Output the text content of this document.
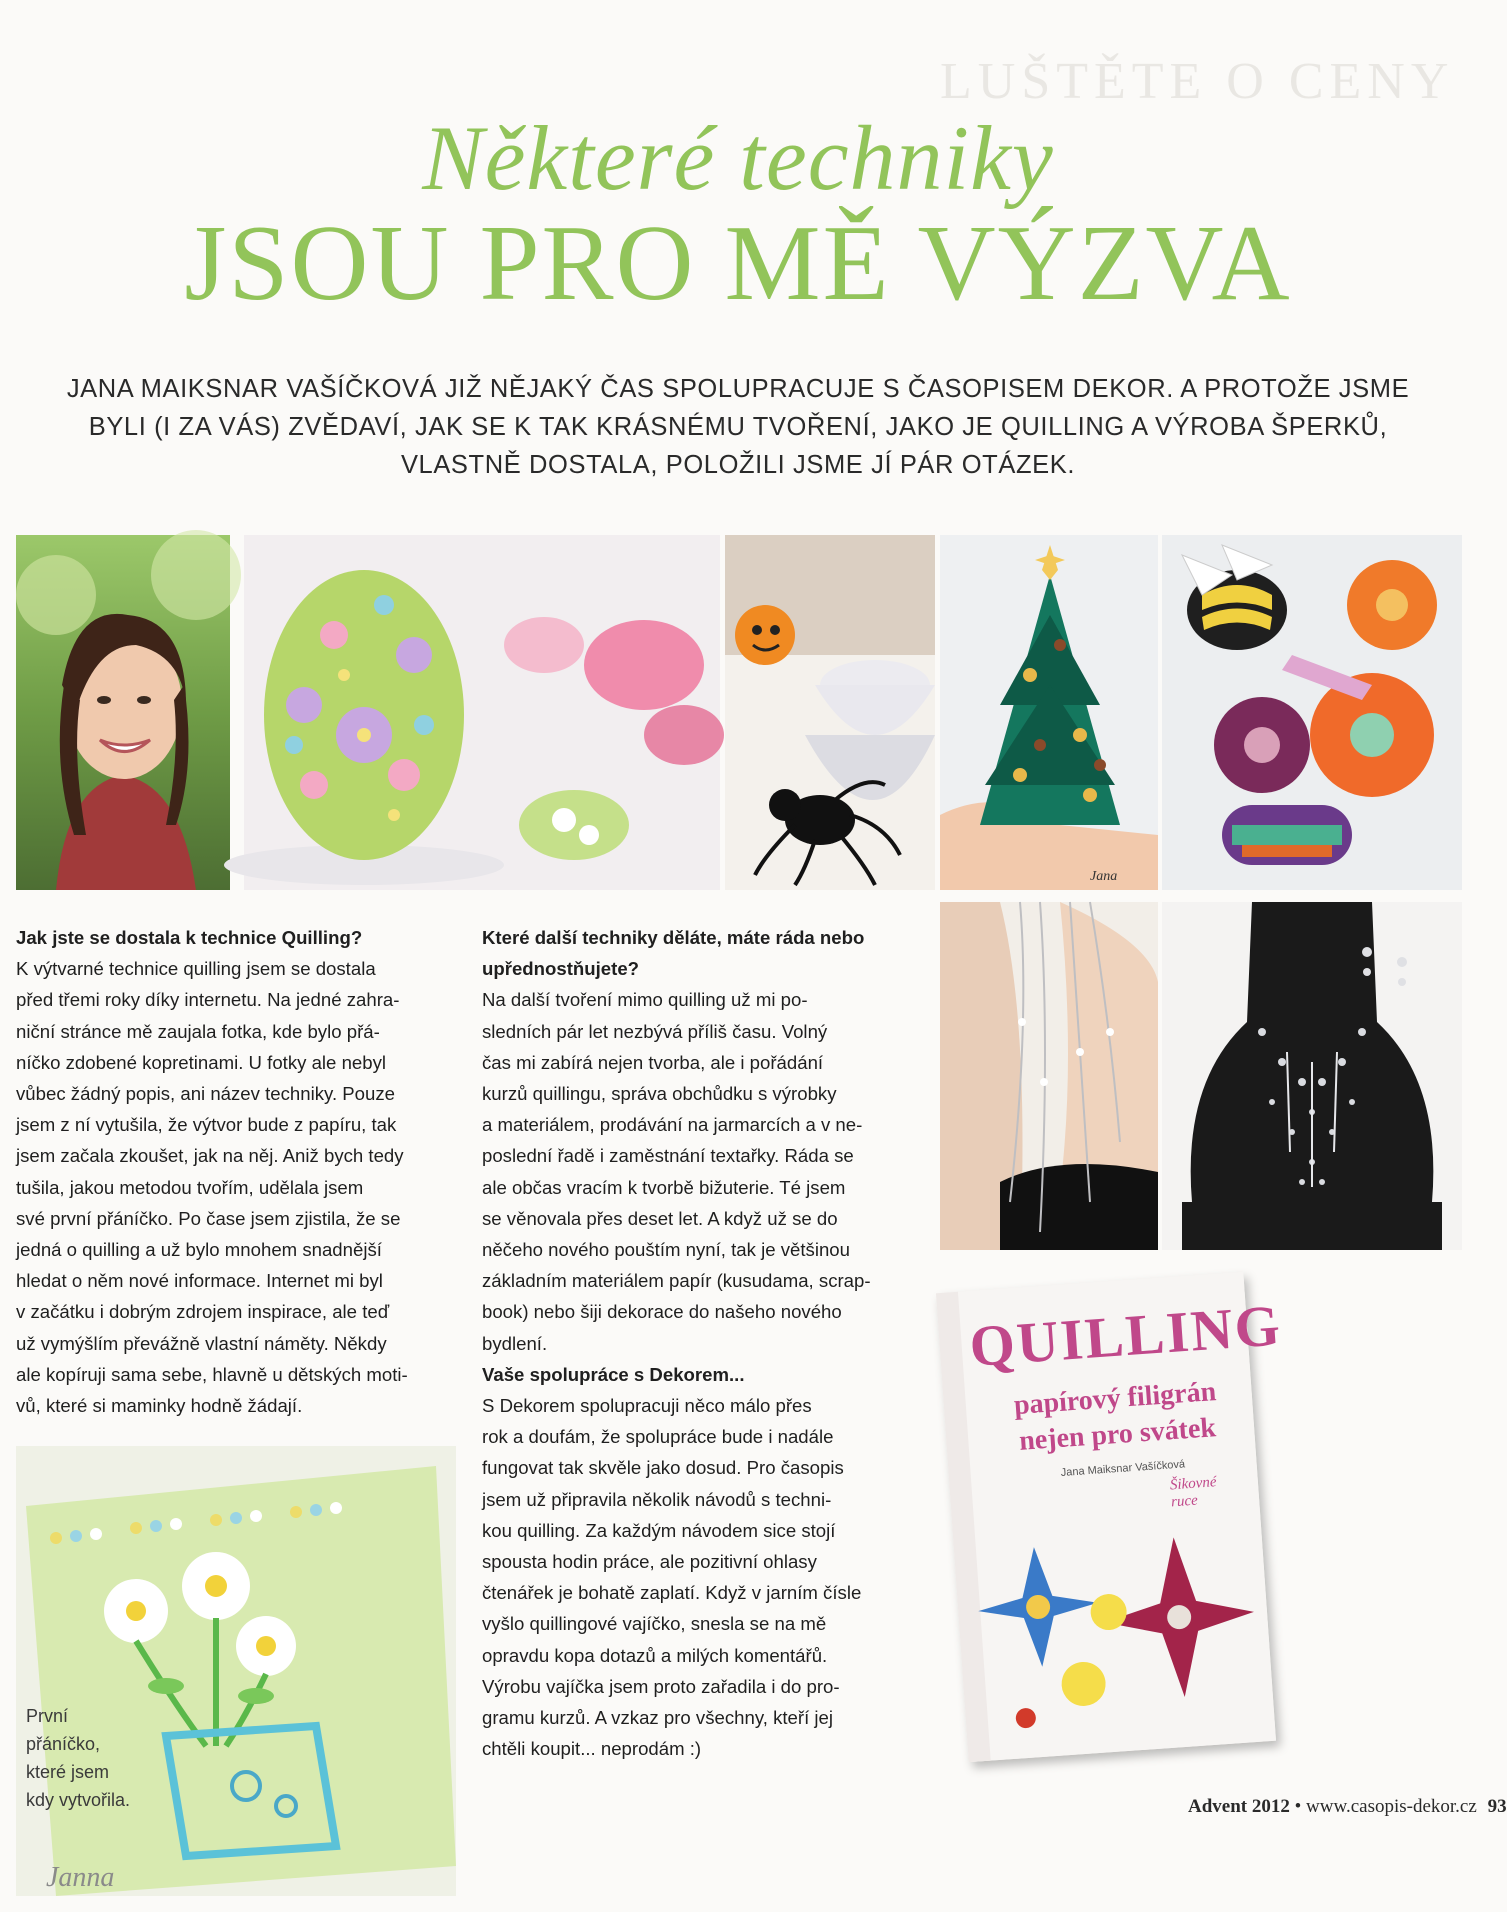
LUŠTĚTE O CENY
Některé techniky
JSOU PRO MĚ VÝZVA
JANA MAIKSNAR VAŠÍČKOVÁ JIŽ NĚJAKÝ ČAS SPOLUPRACUJE S ČASOPISEM DEKOR. A PROTOŽE JSME
BYLI (I ZA VÁS) ZVĚDAVÍ, JAK SE K TAK KRÁSNÉMU TVOŘENÍ, JAKO JE QUILLING A VÝROBA ŠPERKŮ,
VLASTNĚ DOSTALA, POLOŽILI JSME JÍ PÁR OTÁZEK.
Jana

Jak jste se dostala k technice Quilling?

K výtvarné technice quilling jsem se dostala
před třemi roky díky internetu. Na jedné zahra-
niční stránce mě zaujala fotka, kde bylo přá-
níčko zdobené kopretinami. U fotky ale nebyl
vůbec žádný popis, ani název techniky. Pouze
jsem z ní vytušila, že výtvor bude z papíru, tak
jsem začala zkoušet, jak na něj. Aniž bych tedy
tušila, jakou metodou tvořím, udělala jsem
své první přáníčko. Po čase jsem zjistila, že se
jedná o quilling a už bylo mnohem snadnější
hledat o něm nové informace. Internet mi byl
v začátku i dobrým zdrojem inspirace, ale teď
už vymýšlím převážně vlastní náměty. Někdy
ale kopíruji sama sebe, hlavně u dětských moti-
vů, které si maminky hodně žádají.

Které další techniky děláte, máte ráda nebo
upřednostňujete?

Na další tvoření mimo quilling už mi po-
sledních pár let nezbývá příliš času. Volný
čas mi zabírá nejen tvorba, ale i pořádání
kurzů quillingu, správa obchůdku s výrobky
a materiálem, prodávání na jarmarcích a v ne-
poslední řadě i zaměstnání textařky. Ráda se
ale občas vracím k tvorbě bižuterie. Té jsem
se věnovala přes deset let. A když už se do
něčeho nového pouštím nyní, tak je většinou
základním materiálem papír (kusudama, scrap-
book) nebo šiji dekorace do našeho nového
bydlení.

Vaše spolupráce s Dekorem...

S Dekorem spolupracuji něco málo přes
rok a doufám, že spolupráce bude i nadále
fungovat tak skvěle jako dosud. Pro časopis
jsem už připravila několik návodů s techni-
kou quilling. Za každým návodem sice stojí
spousta hodin práce, ale pozitivní ohlasy
čtenářek je bohatě zaplatí. Když v jarním čísle
vyšlo quillingové vajíčko, snesla se na mě
opravdu kopa dotazů a milých komentářů.
Výrobu vajíčka jsem proto zařadila i do pro-
gramu kurzů. A vzkaz pro všechny, kteří jej
chtěli koupit... neprodám :)

Janna
První
přáníčko,
které jsem
kdy vytvořila.
QUILLING
papírový filigrán
nejen pro svátek
Jana Maiksnar Vašíčková
Šikovné ruce
Advent 2012 • www.casopis-dekor.cz 93
